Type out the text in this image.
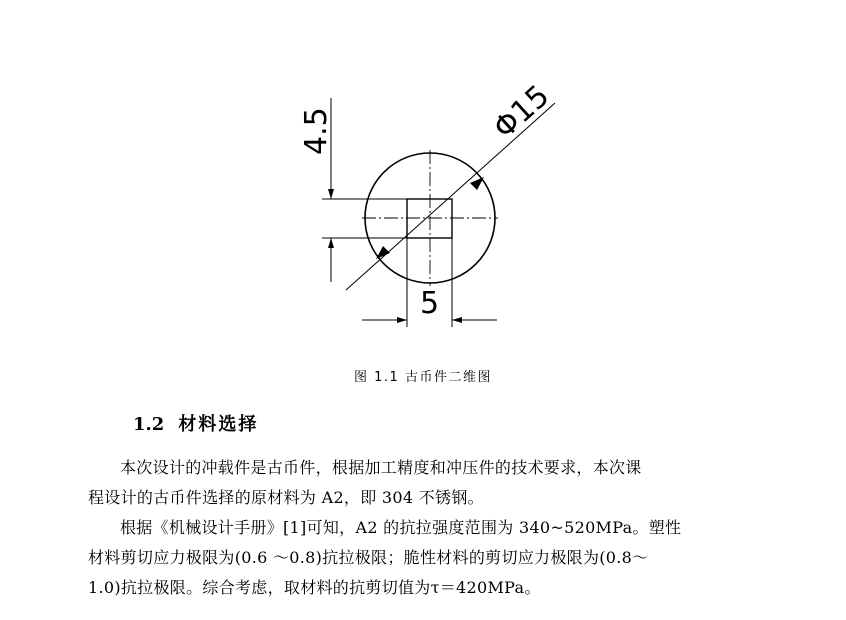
4.5	Φ15
5
图 1.1 古币件二维图
1.2 材料选择

本次设计的冲载件是古币件，根据加工精度和冲压件的技术要求，本次课
程设计的古币件选择的原材料为 A2，即 304 不锈钢。

根据《机械设计手册》[1]可知，A2 的抗拉强度范围为 340~520MPa。塑性
材料剪切应力极限为(0.6 ～0.8)抗拉极限；脆性材料的剪切应力极限为(0.8～
1.0)抗拉极限。综合考虑，取材料的抗剪切值为τ＝420MPa。
